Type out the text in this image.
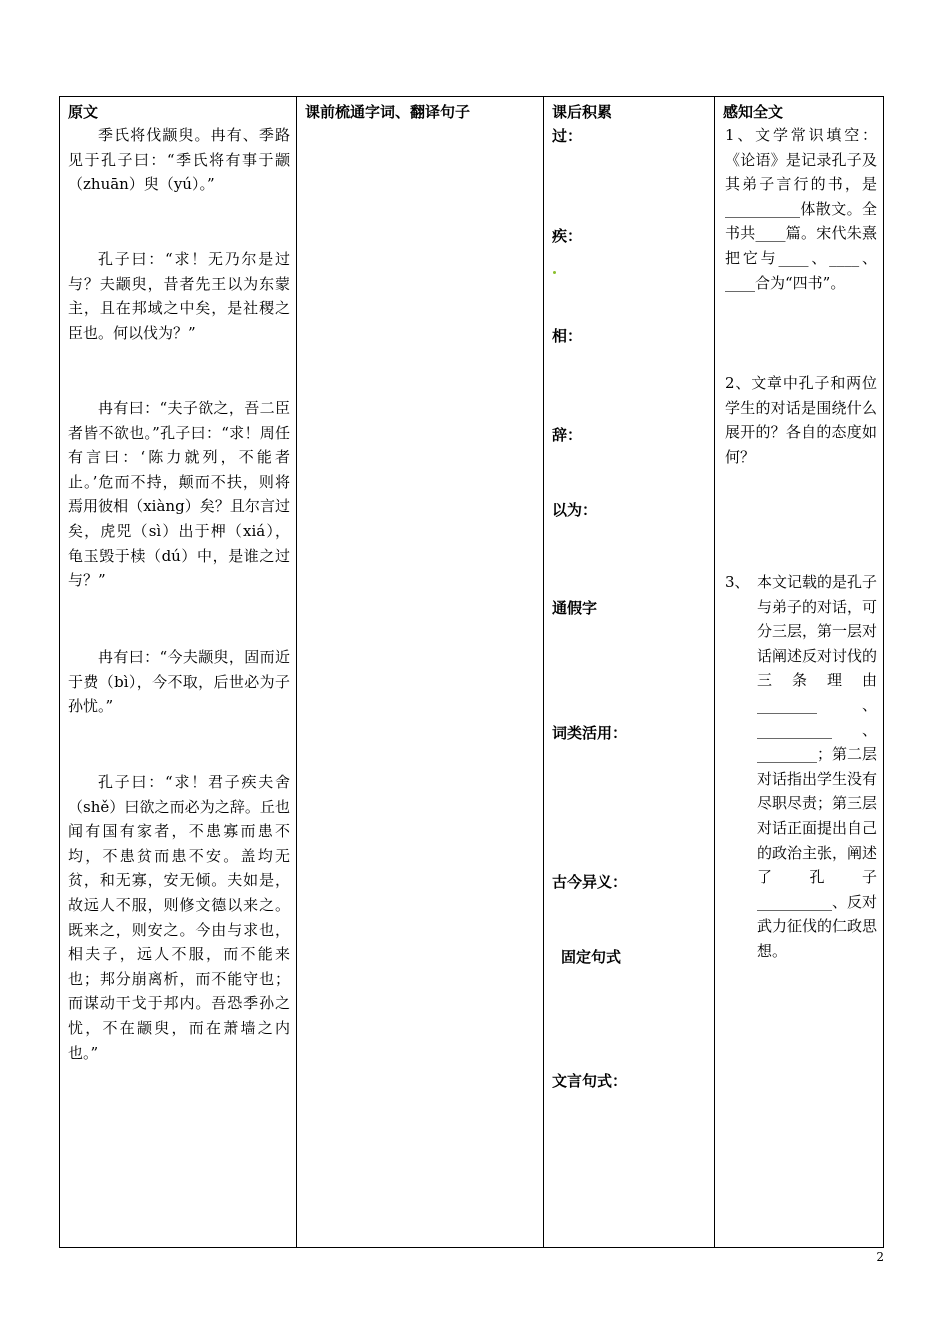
原文
季氏将伐颛臾。冉有、季路见于孔子曰：“季氏将有事于颛（zhuān）臾（yú）。”
孔子曰：“求！无乃尔是过与？夫颛臾，昔者先王以为东蒙主，且在邦域之中矣，是社稷之臣也。何以伐为？”
冉有曰：“夫子欲之，吾二臣者皆不欲也。”孔子曰：“求！周任有言曰：‘陈力就列，不能者止。’危而不持，颠而不扶，则将焉用彼相（xiàng）矣？且尔言过矣，虎兕（sì）出于柙（xiá），龟玉毁于椟（dú）中，是谁之过与？”
冉有曰：“今夫颛臾，固而近于费（bì），今不取，后世必为子孙忧。”
孔子曰：“求！君子疾夫舍（shě）曰欲之而必为之辞。丘也闻有国有家者，不患寡而患不均，不患贫而患不安。盖均无贫，和无寡，安无倾。夫如是，故远人不服，则修文德以来之。既来之，则安之。今由与求也，相夫子，远人不服，而不能来也；邦分崩离析，而不能守也；而谋动干戈于邦内。吾恐季孙之忧，不在颛臾，而在萧墙之内也。”
课前梳通字词、翻译句子	课后积累
过：
疾：
相：
辞：
以为：
通假字
词类活用：
古今异义：
固定句式
文言句式：
感知全文
1、文学常识填空：《论语》是记录孔子及其弟子言行的书，是__________体散文。全书共____篇。宋代朱熹把它与____、____、____合为“四书”。
2、文章中孔子和两位学生的对话是围绕什么展开的？各自的态度如何？
3、 本文记载的是孔子与弟子的对话，可分三层，第一层对话阐述反对讨伐的三条理由________、__________、________；第二层对话指出学生没有尽职尽责；第三层对话正面提出自己的政治主张，阐述了孔子__________、反对武力征伐的仁政思想。
2
